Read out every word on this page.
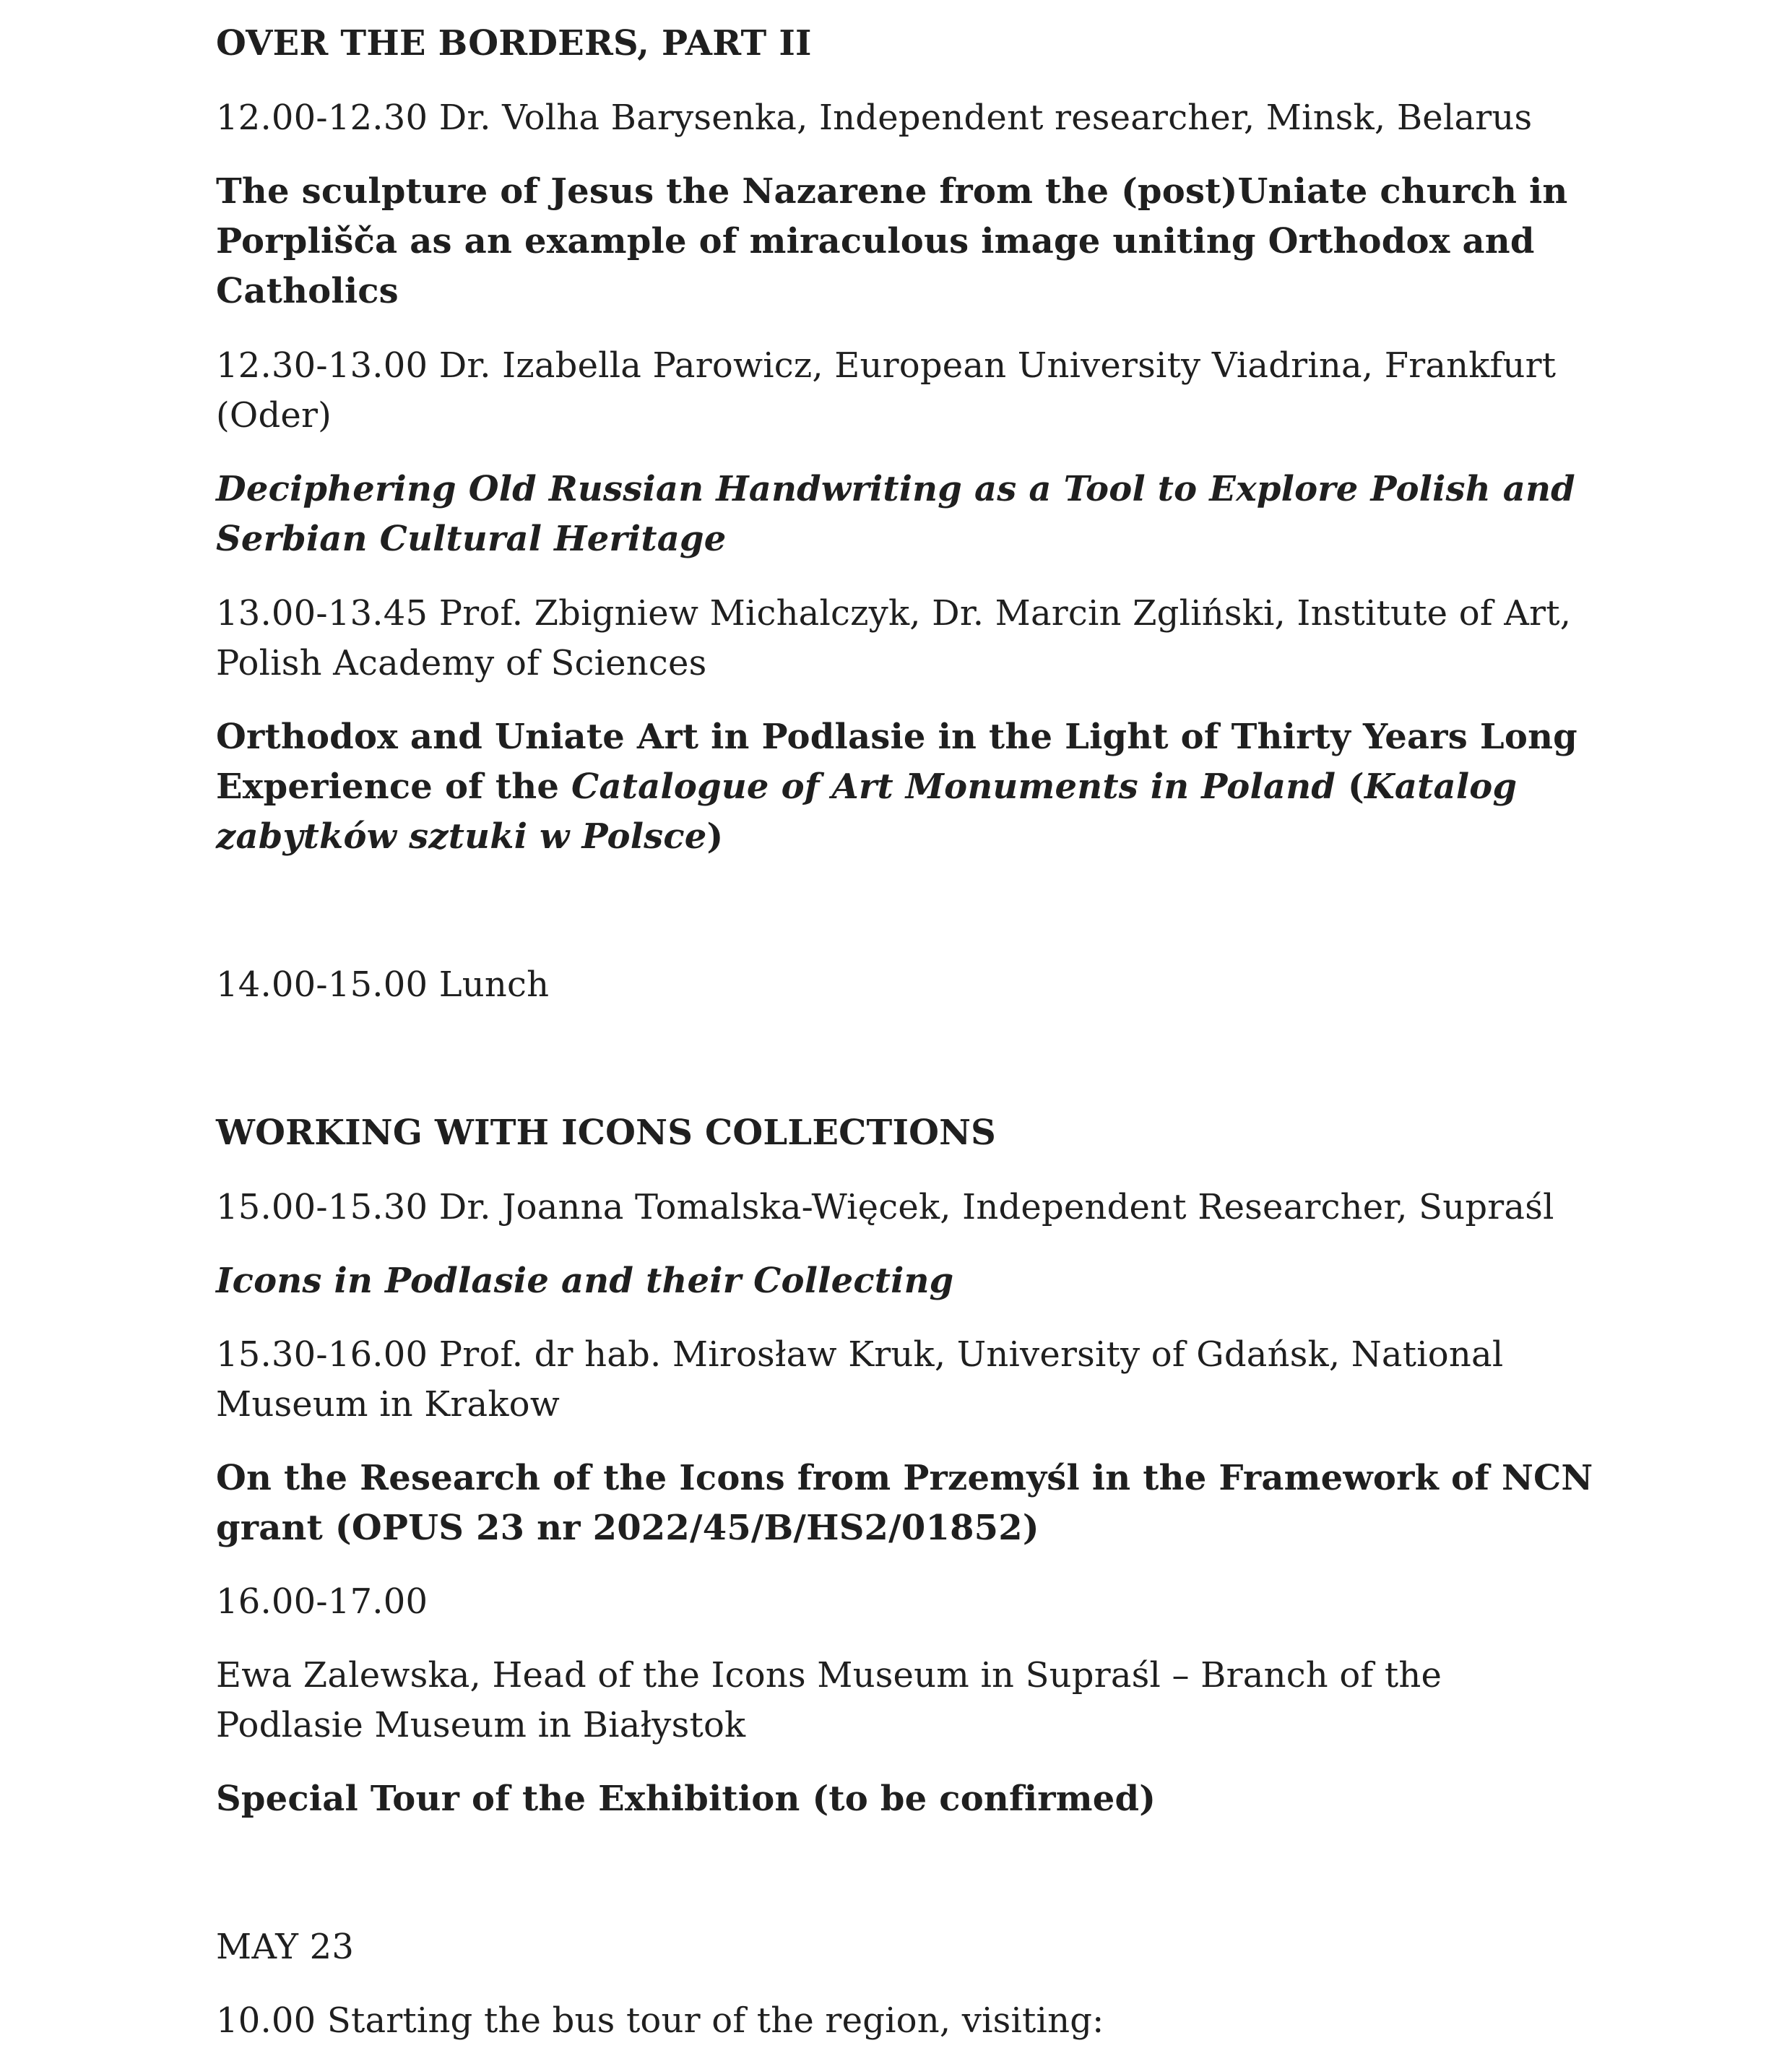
OVER THE BORDERS, PART II
12.00-12.30 Dr. Volha Barysenka, Independent researcher, Minsk, Belarus
The sculpture of Jesus the Nazarene from the (post)Uniate church in
Porplišča as an example of miraculous image uniting Orthodox and
Catholics
12.30-13.00 Dr. Izabella Parowicz, European University Viadrina, Frankfurt
(Oder)
Deciphering Old Russian Handwriting as a Tool to Explore Polish and
Serbian Cultural Heritage
13.00-13.45 Prof. Zbigniew Michalczyk, Dr. Marcin Zgliński, Institute of Art,
Polish Academy of Sciences
Orthodox and Uniate Art in Podlasie in the Light of Thirty Years Long
Experience of the Catalogue of Art Monuments in Poland (Katalog
zabytków sztuki w Polsce)
14.00-15.00 Lunch
WORKING WITH ICONS COLLECTIONS
15.00-15.30 Dr. Joanna Tomalska-Więcek, Independent Researcher, Supraśl
Icons in Podlasie and their Collecting
15.30-16.00 Prof. dr hab. Mirosław Kruk, University of Gdańsk, National
Museum in Krakow
On the Research of the Icons from Przemyśl in the Framework of NCN
grant (OPUS 23 nr 2022/45/B/HS2/01852)
16.00-17.00
Ewa Zalewska, Head of the Icons Museum in Supraśl – Branch of the
Podlasie Museum in Białystok
Special Tour of the Exhibition (to be confirmed)
MAY 23
10.00 Starting the bus tour of the region, visiting:
